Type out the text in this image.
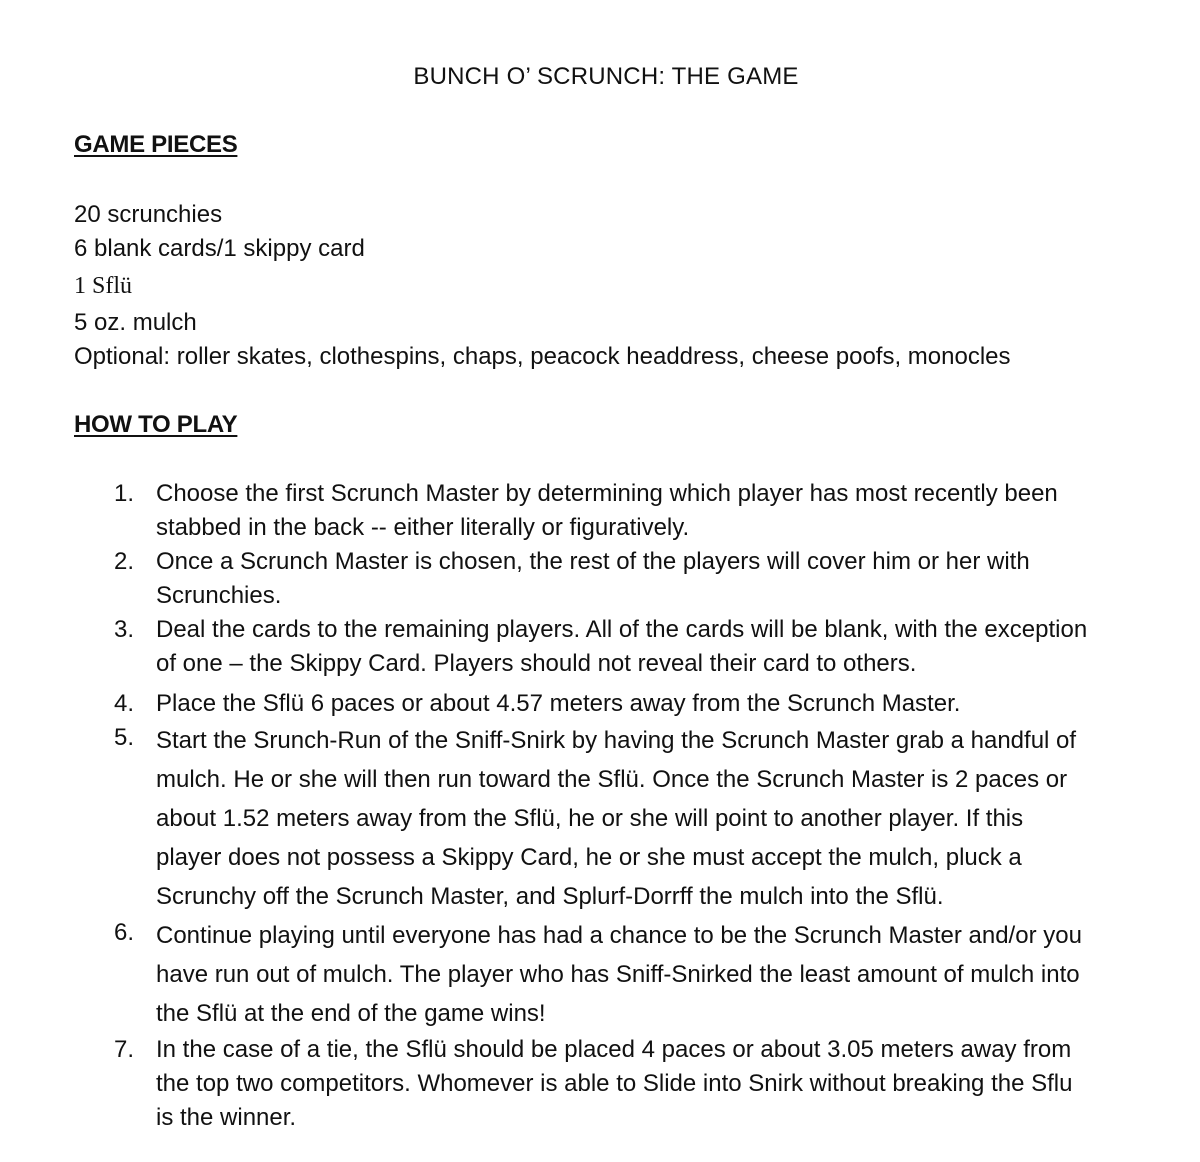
BUNCH O’ SCRUNCH: THE GAME
GAME PIECES
20 scrunchies
6 blank cards/1 skippy card
1 Sflü
5 oz. mulch
Optional: roller skates, clothespins, chaps, peacock headdress, cheese poofs, monocles
HOW TO PLAY
1. Choose the first Scrunch Master by determining which player has most recently been
stabbed in the back -- either literally or figuratively.
2. Once a Scrunch Master is chosen, the rest of the players will cover him or her with
Scrunchies.
3. Deal the cards to the remaining players. All of the cards will be blank, with the exception
of one – the Skippy Card. Players should not reveal their card to others.
4. Place the Sflü 6 paces or about 4.57 meters away from the Scrunch Master.
5. Start the Srunch-Run of the Sniff-Snirk by having the Scrunch Master grab a handful of
mulch. He or she will then run toward the Sflü. Once the Scrunch Master is 2 paces or
about 1.52 meters away from the Sflü, he or she will point to another player. If this
player does not possess a Skippy Card, he or she must accept the mulch, pluck a
Scrunchy off the Scrunch Master, and Splurf-Dorrff the mulch into the Sflü.
6. Continue playing until everyone has had a chance to be the Scrunch Master and/or you
have run out of mulch. The player who has Sniff-Snirked the least amount of mulch into
the Sflü at the end of the game wins!
7. In the case of a tie, the Sflü should be placed 4 paces or about 3.05 meters away from
the top two competitors. Whomever is able to Slide into Snirk without breaking the Sflu
is the winner.
